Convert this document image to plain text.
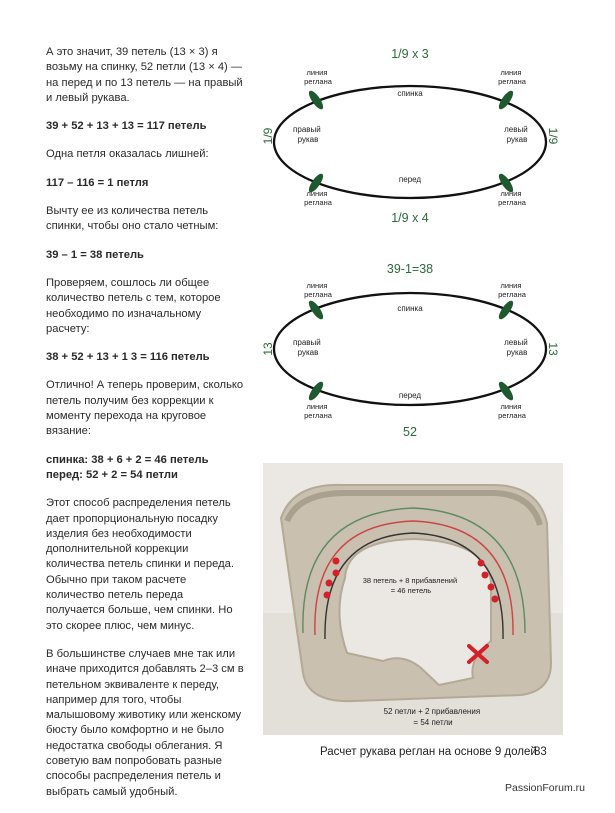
А это значит, 39 петель (13 × 3) я возьму на спинку, 52 петли (13 × 4) — на перед и по 13 петель — на правый и левый рукава.

39 + 52 + 13 + 13 = 117 петель

Одна петля оказалась лишней:

117 – 116 = 1 петля

Вычту ее из количества петель спинки, чтобы оно стало четным:

39 – 1 = 38 петель

Проверяем, сошлось ли общее количество петель с тем, которое необходимо по изначальному расчету:

38 + 52 + 13 + 1 3 = 116 петель

Отлично! А теперь проверим, сколько петель получим без коррекции к моменту перехода на круговое вязание:

спинка: 38 + 6 + 2 = 46 петель

перед: 52 + 2 = 54 петли

Этот способ распределения петель дает пропорциональную посадку изделия без необходимости дополнительной коррекции количества петель спинки и переда. Обычно при таком расчете количество петель переда получается больше, чем спинки. Но это скорее плюс, чем минус.

В большинстве случаев мне так или иначе приходится добавлять 2–3 см в петельном эквиваленте к переду, например для того, чтобы малышовому животику или женскому бюсту было комфортно и не было недостатка свободы облегания. Я советую вам попробовать разные способы распределения петель и выбрать самый удобный.

1/9 x 3
1/9	1/9
1/9 x 4
спинка
перед
правый рукав
левый рукав
линия реглана
линия реглана
линия реглана
линия реглана
39-1=38
13	13
52
спинка
перед
правый рукав
левый рукав
линия реглана
линия реглана
линия реглана
линия реглана
38 петель + 8 прибавлений = 46 петель
52 петли + 2 прибавления = 54 петли
Расчет рукава реглан на основе 9 долей
83
PassionForum.ru
